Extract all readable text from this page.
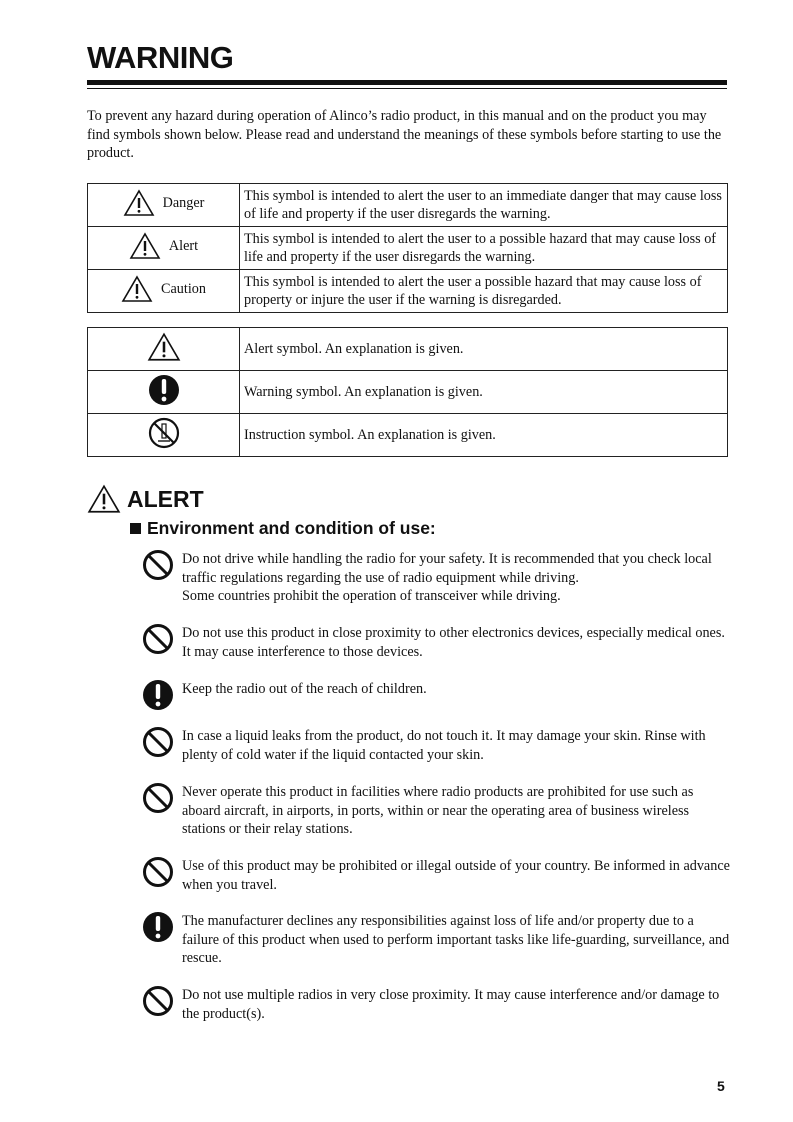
WARNING
To prevent any hazard during operation of Alinco’s radio product, in this manual and on the product you may find symbols shown below. Please read and understand the meanings of these symbols before starting to use the product.
Danger	This symbol is intended to alert the user to an immediate danger that may cause loss of life and property if the user disregards the warning.

Alert	This symbol is intended to alert the user to a possible hazard that may cause loss of life and property if the user disregards the warning.

Caution	This symbol is intended to alert the user a possible hazard that may cause loss of property or injure the user if the warning is disregarded.
	Alert symbol. An explanation is given.
	Warning symbol. An explanation is given.
	Instruction symbol. An explanation is given.
ALERT
Environment and condition of use:
Do not drive while handling the radio for your safety. It is recommended that you check local traffic regulations regarding the use of radio equipment while driving.
Some countries prohibit the operation of transceiver while driving.
Do not use this product in close proximity to other electronics devices, especially medical ones. It may cause interference to those devices.
Keep the radio out of the reach of children.
In case a liquid leaks from the product, do not touch it. It may damage your skin. Rinse with plenty of cold water if the liquid contacted your skin.
Never operate this product in facilities where radio products are prohibited for use such as aboard aircraft, in airports, in ports, within or near the operating area of business wireless stations or their relay stations.
Use of this product may be prohibited or illegal outside of your country. Be informed in advance when you travel.
The manufacturer declines any responsibilities against loss of life and/or property due to a failure of this product when used to perform important tasks like life-guarding, surveillance, and rescue.
Do not use multiple radios in very close proximity. It may cause interference and/or damage to the product(s).
5
